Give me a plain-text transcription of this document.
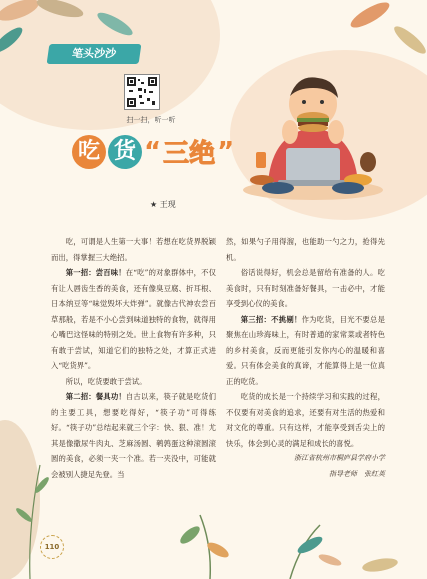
笔头沙沙
扫一扫，听一听
吃 货 “ 三绝 ”
★ 王现

吃，可谓是人生第一大事！若想在吃货界脱颖而出，得掌握三大绝招。

第一招：尝百味！在“吃”的对象群体中，不仅有让人唇齿生香的美食，还有像臭豆腐、折耳根、日本纳豆等“味觉毁坏大炸弹”。就像古代神农尝百草那般，若是不小心尝到味道独特的食物，就得用心嘴巴这怪味的特别之处。世上食物有许多种，只有敢于尝试，知道它们的独特之处，才算正式进入“吃货界”。

所以，吃货要敢于尝试。

第二招：餐具功！自古以来，筷子就是吃货们的主要工具，想要吃得好，“筷子功”可得练好。“筷子功”总结起来就三个字：快、狠、准！尤其是像撒尿牛肉丸、芝麻汤圆、鹌鹑蛋这种滚圆滚圆的美食，必须一夹一个准。若一夹没中，可能就会被别人捷足先登。当

然，如果勺子用得溜，也能助一勺之力，抢得先机。

俗话说得好，机会总是留给有准备的人。吃美食时，只有时刻准备好餐具，一击必中，才能享受到心仪的美食。

第三招：不挑剔！作为吃货，目光不要总是聚焦在山珍海味上，有时普通的家常菜或者特色的乡村美食，反而更能引发你内心的温暖和喜爱。只有体会美食的真谛，才能算得上是一位真正的吃货。

吃货的成长是一个持续学习和实践的过程，不仅要有对美食的追求，还要有对生活的热爱和对文化的尊重。只有这样，才能享受到舌尖上的快乐，体会到心灵的满足和成长的喜悦。

浙江省杭州市桐庐县学府小学

指导老师　张红英

110
